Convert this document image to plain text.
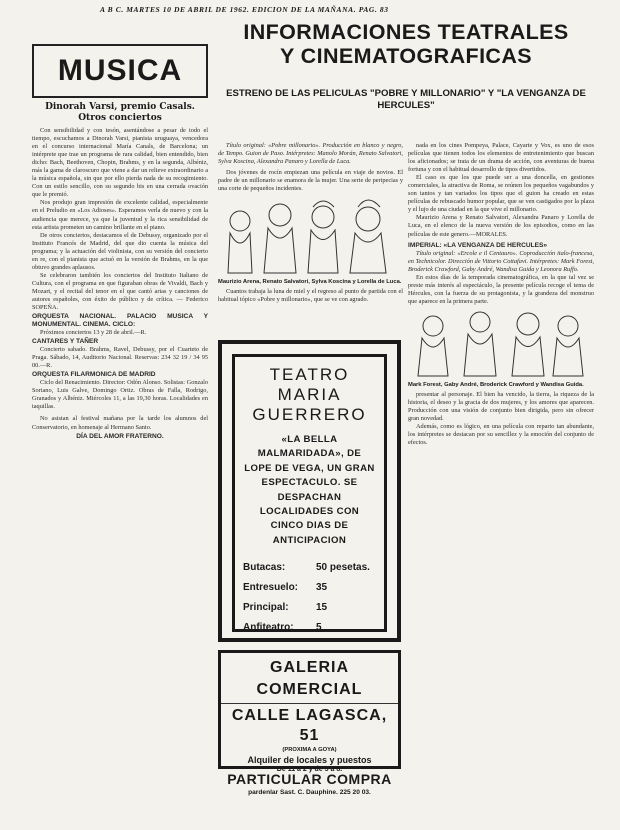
A B C. MARTES 10 DE ABRIL DE 1962. EDICION DE LA MAÑANA. PAG. 83
MUSICA
Dinorah Varsi, premio Casals. Otros conciertos

Con sensibilidad y con tesón, asentándose a pesar de todo el tiempo, escuchamos a Dinorah Varsi, pianista uruguaya, vencedora en el concurso internacional María Canals, de Barcelona; un intérprete que trae un programa de rara calidad, bien entendido, bien dicho: Bach, Beethoven, Chopin, Brahms, y en la segunda, Albéniz, más la gama de claroscuro que viene a dar un relieve extraordinario a la música española, sin que por ello pierda nada de su recogimiento. Con un estilo sencillo, con su segundo bis en una cerrada ovación que le premió.

Nos produjo gran impresión de excelente calidad, especialmente en el Preludio en «Los Adioses». Esperamos verla de nuevo y con la audiencia que merece, ya que la juventud y la rica sensibilidad de esta artista prometen un camino brillante en el piano.

De otros conciertos, destacamos el de Debussy, organizado por el Instituto Francés de Madrid, del que dio cuenta la música del programa; y la actuación del violinista, con su versión del concierto en re, con el pianista que actuó en la versión de Brahms, en la que obtuvo grandes aplausos.

Se celebraron también los conciertos del Instituto Italiano de Cultura, con el programa en que figuraban obras de Vivaldi, Bach y Mozart, y el recital del tenor en el que cantó arias y canciones de autores españoles, con éxito de público y de crítica. — Federico SOPEÑA.

ORQUESTA NACIONAL. PALACIO MUSICA Y MONUMENTAL. CINEMA. CICLO:

Próximos conciertos 13 y 28 de abril.—R.

CANTARES Y TAÑER

Concierto sabado. Brahms, Ravel, Debussy, por el Cuarteto de Praga. Sábado, 14, Auditorio Nacional. Reservas: 234 32 19 / 34 95 00.—R.

ORQUESTA FILARMONICA DE MADRID

Ciclo del Renacimiento. Director: Odón Alonso. Solistas: Gonzalo Soriano, Luis Galve, Domingo Ortiz. Obras de Falla, Rodrigo, Granados y Albéniz. Miércoles 11, a las 19,30 horas. Localidades en taquillas.

No asistan al festival mañana por la tarde los alumnos del Conservatorio, en homenaje al Hermano Santo.

DÍA DEL AMOR FRATERNO.
INFORMACIONES TEATRALES
Y CINEMATOGRAFICAS
ESTRENO DE LAS PELICULAS "POBRE Y MILLONARIO" Y "LA VENGANZA DE HERCULES"

Título original: «Pobre millonario». Producción en blanco y negro, de Tempo. Guion de Paso. Intérpretes: Manolo Morán, Renato Salvatori, Sylva Koscina, Alexandra Panaro y Lorella de Luca.

Dos jóvenes de rocín empiezan una película en viaje de novios. El padre de un millonario se enamora de la mujer. Una serie de peripecias y una corte de pequeños incidentes.

Maurizio Arena, Renato Salvatori, Sylva Koscina y Lorella de Luca.

Cuantos trabaja la luna de miel y el regreso al punto de partida con el habitual tópico «Pobre y millonario», que se ve con agrado.

TEATRO
MARIA GUERRERO
«LA BELLA MALMARIDADA», DE LOPE DE VEGA, UN GRAN ESPECTACULO. SE DESPACHAN LOCALIDADES CON CINCO DIAS DE ANTICIPACION
Butacas:	50 pesetas.
Entresuelo: 35
Principal:	15
Anfiteatro: 5
GALERIA COMERCIAL
CALLE LAGASCA, 51
(PROXIMA A GOYA)
Alquiler de locales y puestos
De 11 a 2 y de 5 a 8.
PARTICULAR COMPRA
pardenlar Sast. C. Dauphine. 225 20 03.

nada en los cines Pompeya, Palace, Cayarte y Vox, es uno de esos películas que tienen todos los elementos de entretenimiento que buscan los aficionados; se trata de un drama de acción, con aventuras de buena fortuna y con el habitual desarrollo de tipos divertidos.

El caso es que los que puede ser a una doncella, en gestiones comerciales, la atractiva de Roma, se reúnen los pequeños vagabundos y son tantos y tan variados los tipos que el guion ha creado en estas películas de rebuscado humor popular, que se ven castigados por la plaza y el lujo de una ciudad en la que vive el millonario.

Maurizio Arena y Renato Salvatori, Alexandra Panaro y Lorella de Luca, en el elenco de la nueva versión de los episodios, como en las películas de este genero.—MORALES.

IMPERIAL: «LA VENGANZA DE HERCULES»

Título original: «Ercole e il Centauro». Coproducción italo-francesa, en Technicolor. Dirección de Vittorio Cottafavi. Intérpretes: Mark Forest, Broderick Crawford, Gaby André, Wandisa Guida y Leonora Ruffo.

En estos días de la temporada cinematográfica, en la que tal vez se preste más interés al espectáculo, la presente película recoge el tema de Hércules, con la fuerza de su protagonista, y la grandeza del monstruo que aparece en la primera parte.

Mark Forest, Gaby André, Broderick Crawford y Wandisa Guida.

presentar al personaje. El bien ha vencido, la tierra, la riqueza de la historia, el deseo y la gracia de dos mujeres, y los amores que aparecen. Producción con una visión de conjunto bien dirigida, pero sin ofrecer gran novedad.

Además, como es lógico, en una película con reparto tan abundante, los intérpretes se destacan por su sencillez y la emoción del conjunto de efectos.
